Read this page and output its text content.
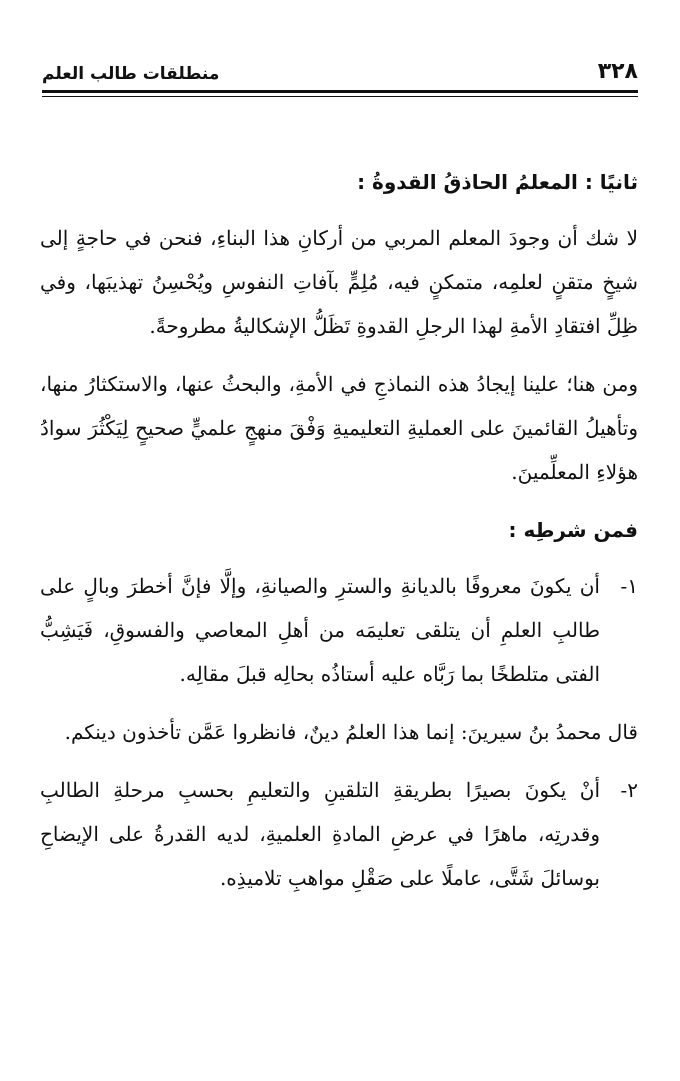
٣٢٨
منطلقات طالب العلم
ثانيًا : المعلمُ الحاذقُ القدوةُ :

لا شك أن وجودَ المعلم المربي من أركانِ هذا البناءِ، فنحن في حاجةٍ إلى شيخٍ متقنٍ لعلمِه، متمكنٍ فيه، مُلِمٍّ بآفاتِ النفوسِ ويُحْسِنُ تهذيبَها، وفي ظِلِّ افتقادِ الأمةِ لهذا الرجلِ القدوةِ تَظَلُّ الإشكاليةُ مطروحةً.

ومن هنا؛ علينا إيجادُ هذه النماذجِ في الأمةِ، والبحثُ عنها، والاستكثارُ منها، وتأهيلُ القائمينَ على العمليةِ التعليميةِ وَفْقَ منهجٍ علميٍّ صحيحٍ لِيَكْثُرَ سوادُ هؤلاءِ المعلِّمينَ.

فمن شرطِه :
١-
أن يكونَ معروفًا بالديانةِ والسترِ والصيانةِ، وإلَّا فإنَّ أخطرَ وبالٍ على طالبِ العلمِ أن يتلقى تعليمَه من أهلِ المعاصي والفسوقِ، فَيَشِبُّ الفتى متلطخًا بما رَبَّاه عليه أستاذُه بحالِه قبلَ مقالِه.

قال محمدُ بنُ سيرينَ: إنما هذا العلمُ دينٌ، فانظروا عَمَّن تأخذون دينكم.

٢-
أنْ يكونَ بصيرًا بطريقةِ التلقينِ والتعليمِ بحسبِ مرحلةِ الطالبِ وقدرتِه، ماهرًا في عرضِ المادةِ العلميةِ، لديه القدرةُ على الإيضاحِ بوسائلَ شَتَّى، عاملًا على صَقْلِ مواهبِ تلاميذِه.
